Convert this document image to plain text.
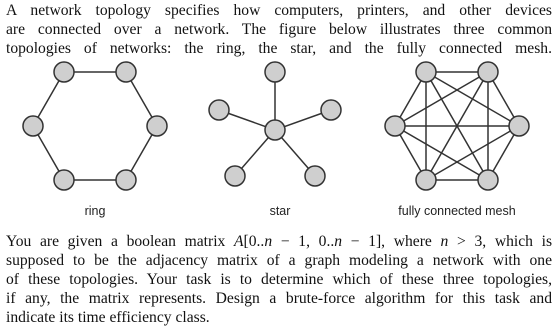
A network topology specifies how computers, printers, and other devices
are connected over a network. The figure below illustrates three common
topologies of networks: the ring, the star, and the fully connected mesh.
ring	star	fully connected mesh
You are given a boolean matrix A[0..n − 1, 0..n − 1], where n > 3, which is
supposed to be the adjacency matrix of a graph modeling a network with one
of these topologies. Your task is to determine which of these three topologies,
if any, the matrix represents. Design a brute-force algorithm for this task and
indicate its time efficiency class.
